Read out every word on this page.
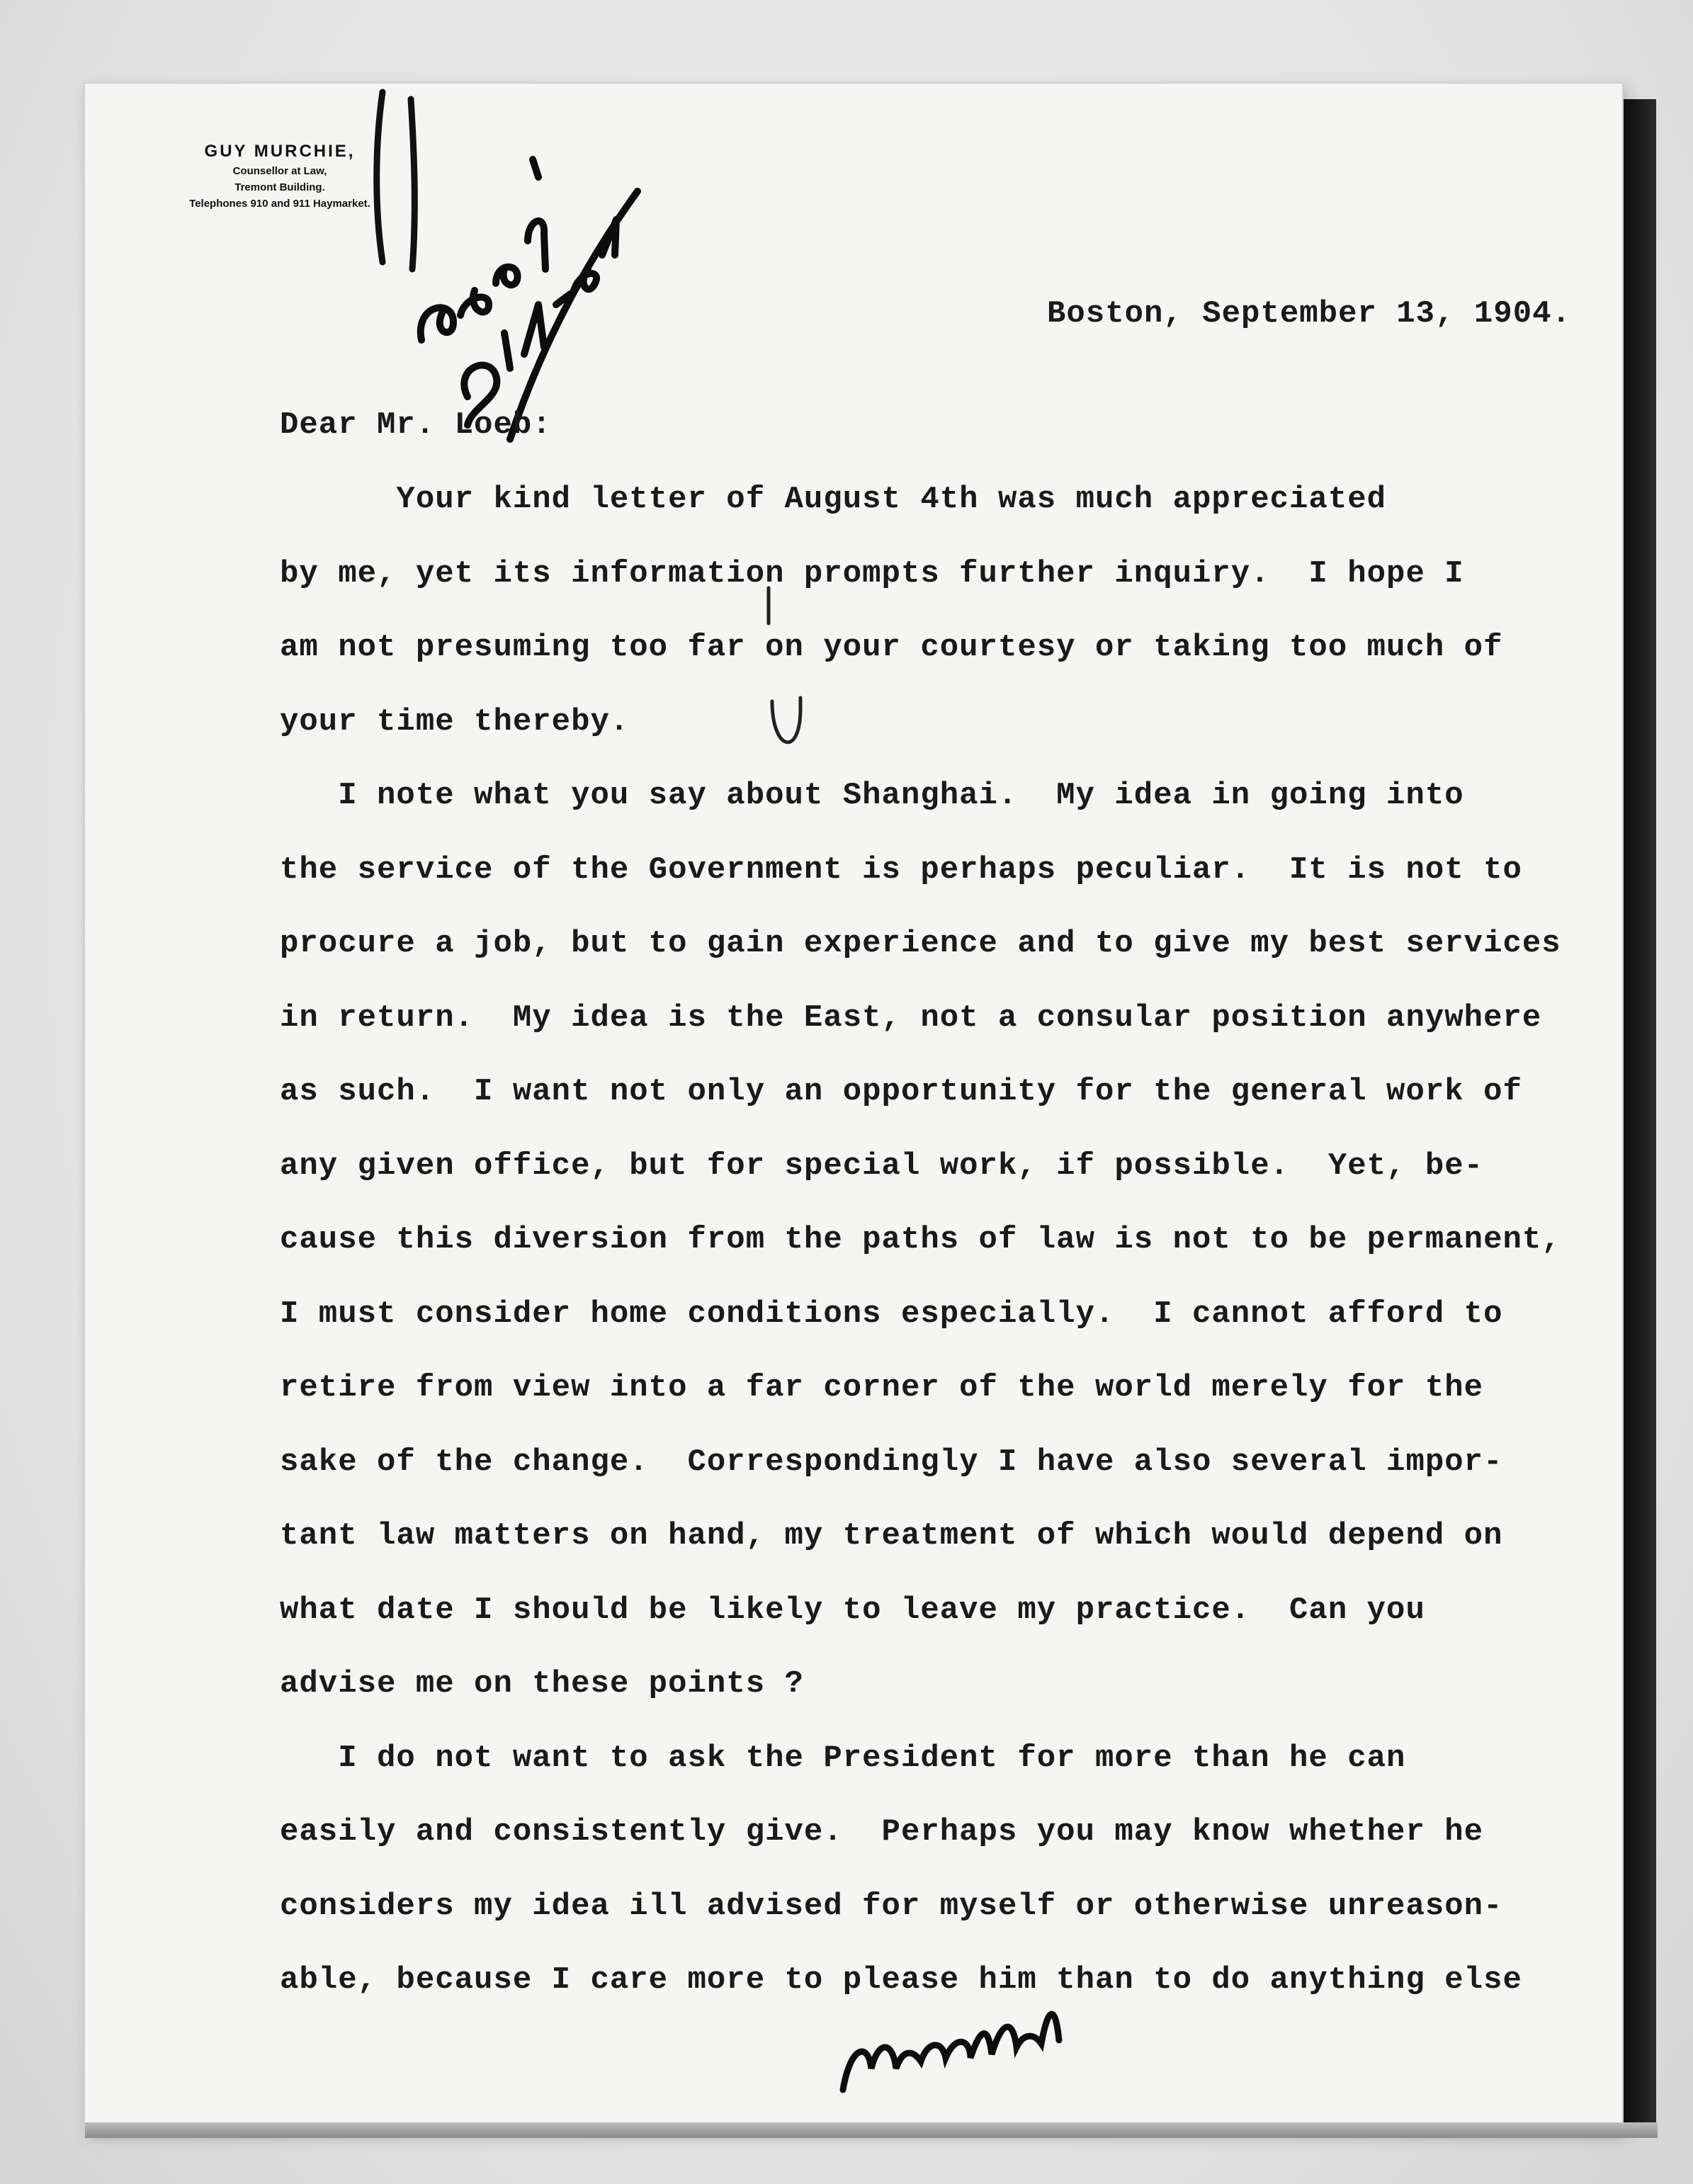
GUY MURCHIE,
Counsellor at Law,
Tremont Building.
Telephones 910 and 911 Haymarket.
Boston, September 13, 1904.
Dear Mr. Loeb:
Your kind letter of August 4th was much appreciated
by me, yet its information prompts further inquiry.  I hope I
am not presuming too far on your courtesy or taking too much of
your time thereby.
I note what you say about Shanghai.  My idea in going into
the service of the Government is perhaps peculiar.  It is not to
procure a job, but to gain experience and to give my best services
in return.  My idea is the East, not a consular position anywhere
as such.  I want not only an opportunity for the general work of
any given office, but for special work, if possible.  Yet, be-
cause this diversion from the paths of law is not to be permanent,
I must consider home conditions especially.  I cannot afford to
retire from view into a far corner of the world merely for the
sake of the change.  Correspondingly I have also several impor-
tant law matters on hand, my treatment of which would depend on
what date I should be likely to leave my practice.  Can you
advise me on these points ?
I do not want to ask the President for more than he can
easily and consistently give.  Perhaps you may know whether he
considers my idea ill advised for myself or otherwise unreason-
able, because I care more to please him than to do anything else
